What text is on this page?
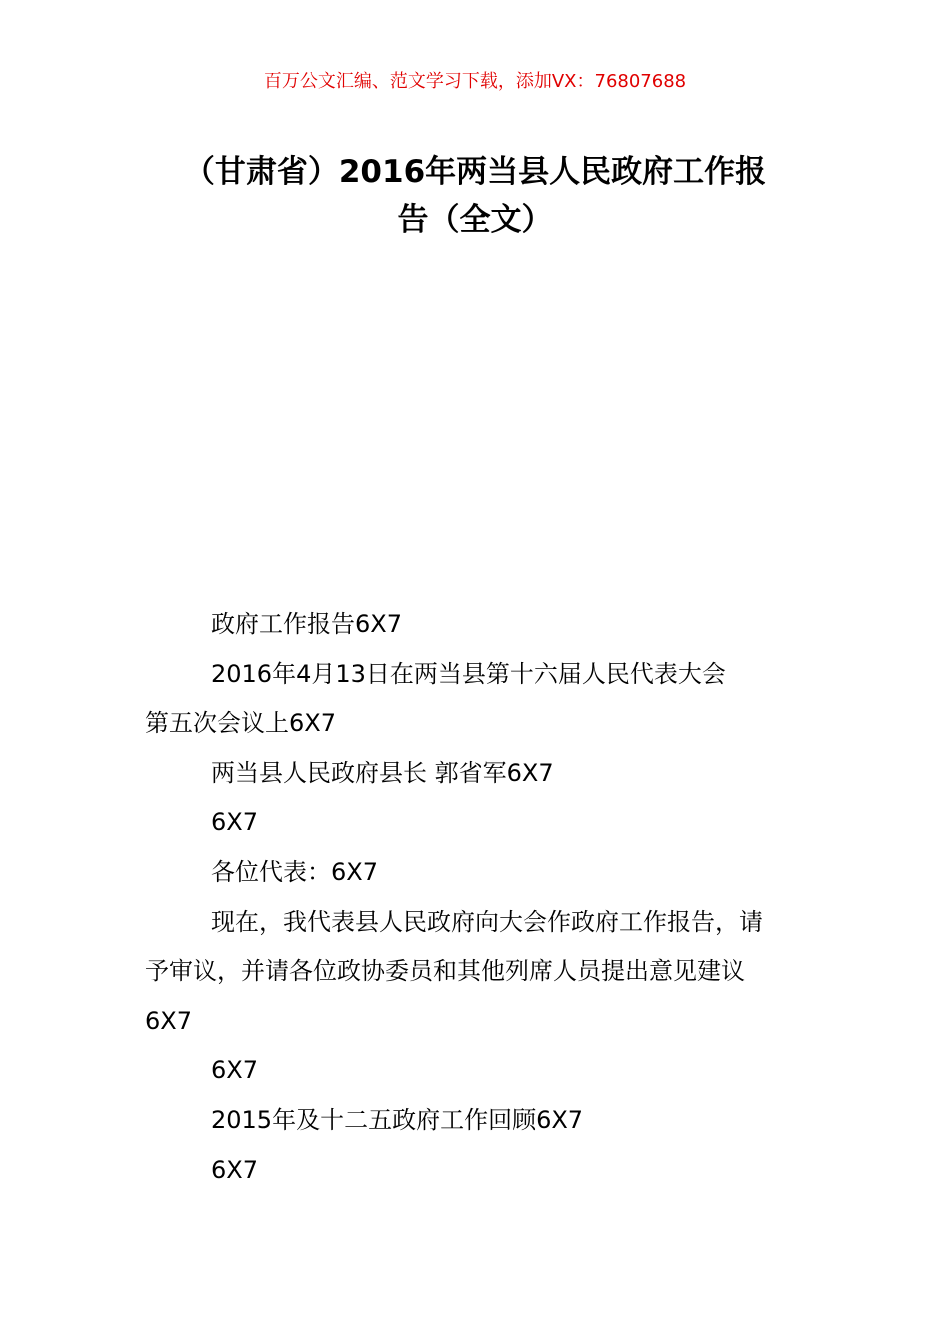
百万公文汇编、范文学习下载，添加VX：76807688
（甘肃省）2016年两当县人民政府工作报
告（全文）
政府工作报告6X7
2016年4月13日在两当县第十六届人民代表大会
第五次会议上6X7
两当县人民政府县长 郭省军6X7
6X7
各位代表：6X7
现在，我代表县人民政府向大会作政府工作报告，请
予审议，并请各位政协委员和其他列席人员提出意见建议
6X7
6X7
2015年及十二五政府工作回顾6X7
6X7
